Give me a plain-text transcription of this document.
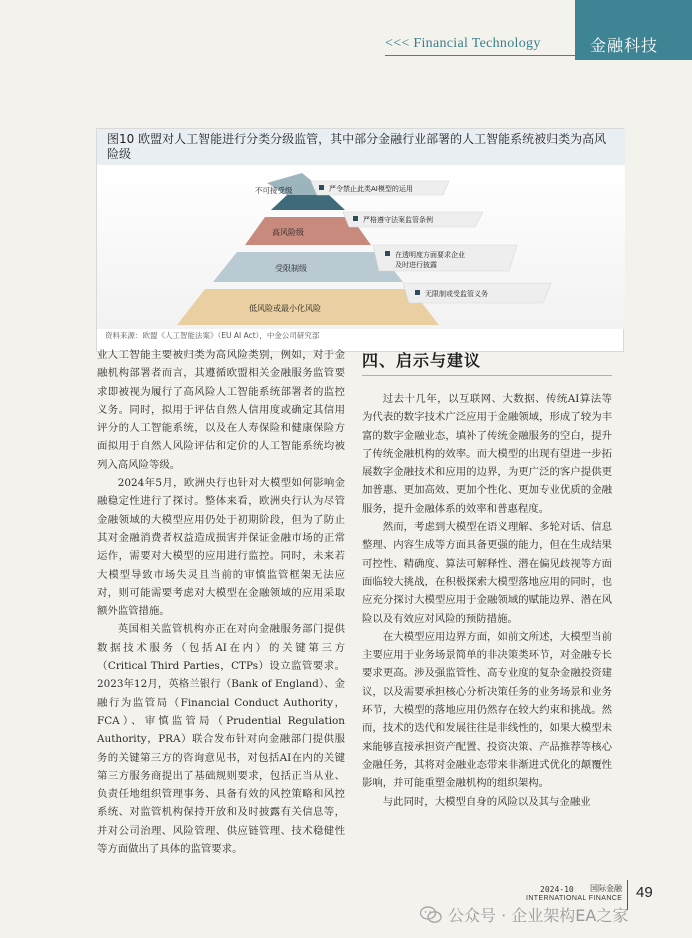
<<< Financial Technology	金融科技
图10 欧盟对人工智能进行分类分级监管，其中部分金融行业部署的人工智能系统被归类为高风险级
不可接受级
高风险级
受限制级
低风险或最小化风险
严令禁止此类AI模型的运用
严格遵守法案监管条例
在透明度方面要求企业
及时进行披露
无限制或受监管义务
资料来源：欧盟《人工智能法案》（EU AI Act），中金公司研究部

业人工智能主要被归类为高风险类别，例如，对于金融机构部署者而言，其遵循欧盟相关金融服务监管要求即被视为履行了高风险人工智能系统部署者的监控义务。同时，拟用于评估自然人信用度或确定其信用评分的人工智能系统，以及在人寿保险和健康保险方面拟用于自然人风险评估和定价的人工智能系统均被列入高风险等级。

2024年5月，欧洲央行也针对大模型如何影响金融稳定性进行了探讨。整体来看，欧洲央行认为尽管金融领域的大模型应用仍处于初期阶段，但为了防止其对金融消费者权益造成损害并保证金融市场的正常运作，需要对大模型的应用进行监控。同时，未来若大模型导致市场失灵且当前的审慎监管框架无法应对，则可能需要考虑对大模型在金融领域的应用采取额外监管措施。

英国相关监管机构亦正在对向金融服务部门提供数据技术服务（包括AI在内）的关键第三方（Critical Third Parties，CTPs）设立监管要求。2023年12月，英格兰银行（Bank of England）、金融行为监管局（Financial Conduct Authority，FCA）、审慎监管局（Prudential Regulation Authority，PRA）联合发布针对向金融部门提供服务的关键第三方的咨询意见书，对包括AI在内的关键第三方服务商提出了基础规则要求，包括正当从业、负责任地组织管理事务、具备有效的风控策略和风控系统、对监管机构保持开放和及时披露有关信息等，并对公司治理、风险管理、供应链管理、技术稳健性等方面做出了具体的监管要求。

四、启示与建议

过去十几年，以互联网、大数据、传统AI算法等为代表的数字技术广泛应用于金融领域，形成了较为丰富的数字金融业态，填补了传统金融服务的空白，提升了传统金融机构的效率。而大模型的出现有望进一步拓展数字金融技术和应用的边界，为更广泛的客户提供更加普惠、更加高效、更加个性化、更加专业优质的金融服务，提升金融体系的效率和普惠程度。

然而，考虑到大模型在语义理解、多轮对话、信息整理、内容生成等方面具备更强的能力，但在生成结果可控性、精确度、算法可解释性、潜在偏见歧视等方面面临较大挑战，在积极探索大模型落地应用的同时，也应充分探讨大模型应用于金融领域的赋能边界、潜在风险以及有效应对风险的预防措施。

在大模型应用边界方面，如前文所述，大模型当前主要应用于业务场景简单的非决策类环节，对金融专长要求更高。涉及强监管性、高专业度的复杂金融投资建议，以及需要承担核心分析决策任务的业务场景和业务环节，大模型的落地应用仍然存在较大约束和挑战。然而，技术的迭代和发展往往是非线性的，如果大模型未来能够直接承担资产配置、投资决策、产品推荐等核心金融任务，其将对金融业态带来非渐进式优化的颠覆性影响，并可能重塑金融机构的组织架构。

与此同时，大模型自身的风险以及其与金融业

2024-10 国际金融
INTERNATIONAL FINANCE 49
公众号 · 企业架构EA之家
